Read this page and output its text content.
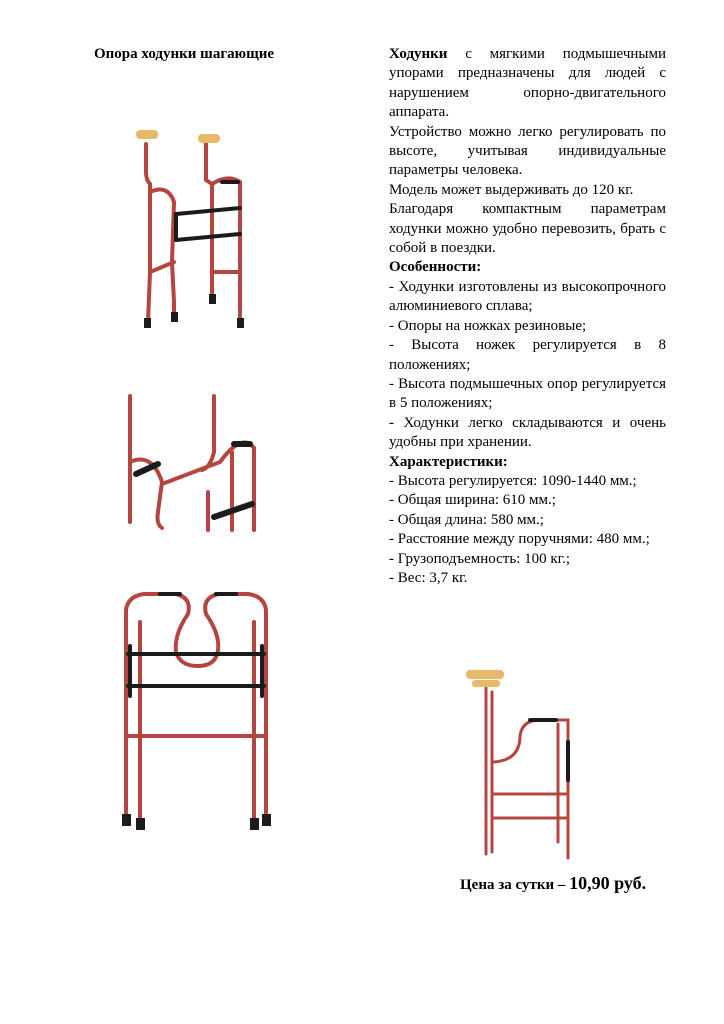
Опора ходунки шагающие	Ходунки с мягкими подмышечными упорами предназначены для людей с нарушением опорно-двигательного аппарата.

Устройство можно легко регулировать по высоте, учитывая индивидуальные параметры человека.

Модель может выдерживать до 120 кг.

Благодаря компактным параметрам ходунки можно удобно перевозить, брать с собой в поездки.

Особенности:

- Ходунки изготовлены из высокопрочного алюминиевого сплава;

- Опоры на ножках резиновые;

- Высота ножек регулируется в 8 положениях;

- Высота подмышечных опор регулируется в 5 положениях;

- Ходунки легко складываются и очень удобны при хранении.

Характеристики:

- Высота регулируется: 1090-1440 мм.;

- Общая ширина: 610 мм.;

- Общая длина: 580 мм.;

- Расстояние между поручнями: 480 мм.;

- Грузоподъемность: 100 кг.;

- Вес: 3,7 кг.

Цена за сутки – 10,90 руб.
